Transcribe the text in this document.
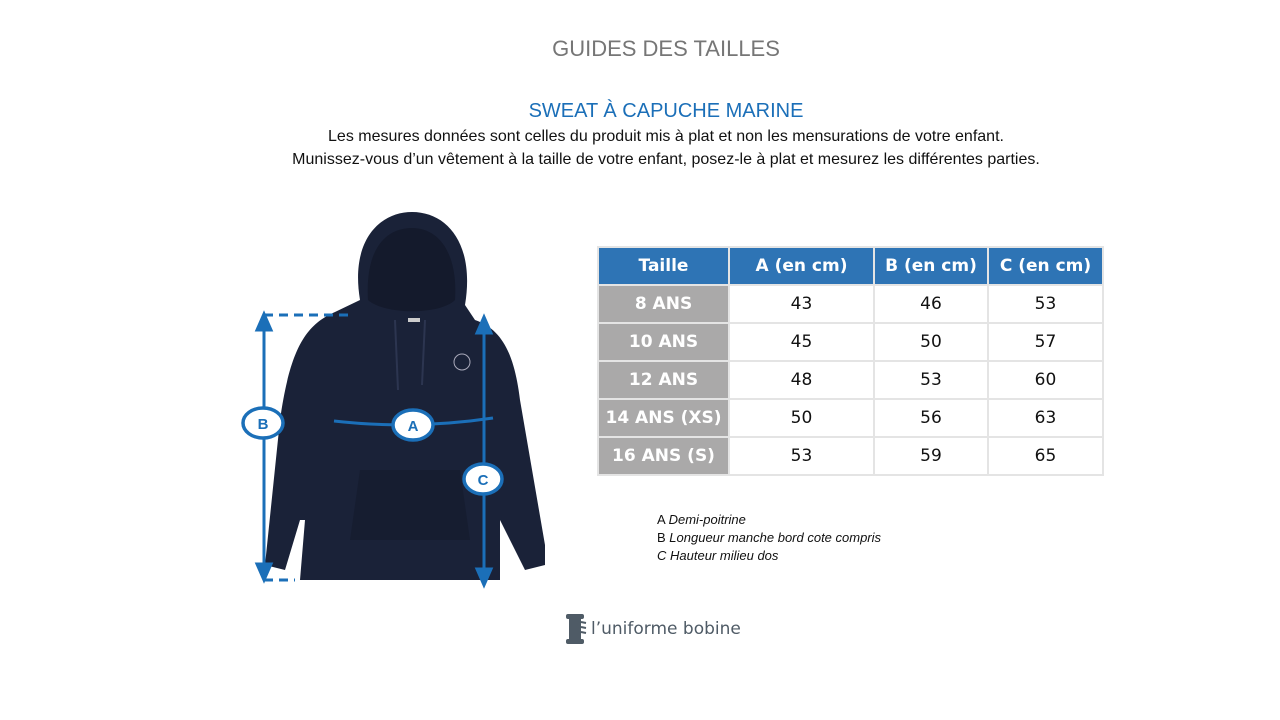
GUIDES DES TAILLES
SWEAT À CAPUCHE MARINE
Les mesures données sont celles du produit mis à plat et non les mensurations de votre enfant.
Munissez-vous d’un vêtement à la taille de votre enfant, posez-le à plat et mesurez les différentes parties.
B	A
C
Taille	A (en cm)	B (en cm)	C (en cm)
8 ANS	43	46	53
10 ANS	45	50	57
12 ANS	48	53	60
14 ANS (XS)	50	56	63
16 ANS (S)	53	59	65
A Demi-poitrine
B Longueur manche bord cote compris
C Hauteur milieu dos
l’uniforme bobine
